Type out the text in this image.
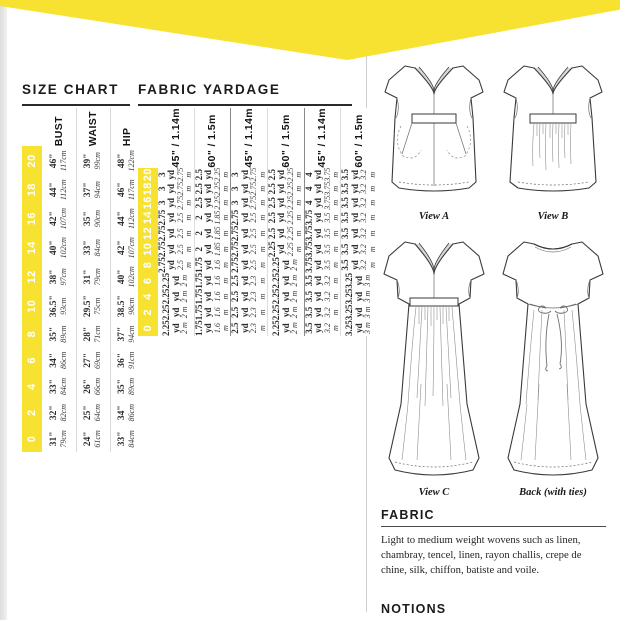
SIZE CHART FABRIC YARDAGE
0	2	4	6	8	10	12	14	16	18	20	

31" 79cm	32" 82cm	33" 84cm	34" 86cm	35" 89cm	36.5" 93cm	38" 97cm	40" 102cm	42" 107cm	44" 112cm	46" 117cm	BUST

24" 61cm	25" 64cm	26" 66cm	27" 69cm	28" 71cm	29.5" 75cm	31" 79cm	33" 84cm	35" 90cm	37" 94cm	39" 99cm	WAIST

33" 84cm	34" 86cm	35" 89cm	36" 91cm	37" 94cm	38.5" 98cm	40" 102cm	42" 107cm	44" 112cm	46" 117cm	48" 122cm	HIP
0	2	4	6	8	10	12	14	16	18	20	

2.25 yd 2 m	2.25 yd 2 m	2.25 yd 2 m	2.25 yd 2 m	2.75 yd 2.5 m	2.75 yd 2.5 m	2.75 yd 2.5 m	2.75 yd 2.5 m	3 yd 2.75 m	3 yd 2.75 m	3 yd 2.75 m	45" / 1.14m

1.75 yd 1.6 m	1.75 yd 1.6 m	1.75 yd 1.6 m	1.75 yd 1.6 m	1.75 yd 1.6 m	2 yd 1.85 m	2 yd 1.85 m	2 yd 1.85 m	2.5 yd 2.25 m	2.5 yd 2.25 m	2.5 yd 2.25 m	60" / 1.5m

2.5 yd 2.3 m	2.5 yd 2.3 m	2.5 yd 2.3 m	2.5 yd 2.3 m	2.75 yd 2.5 m	2.75 yd 2.5 m	2.75 yd 2.5 m	2.75 yd 2.5 m	3 yd 2.75 m	3 yd 2.75 m	3 yd 2.75 m	45" / 1.14m

2.25 yd 2 m	2.25 yd 2 m	2.25 yd 2 m	2.25 yd 2 m	2.25 yd 2 m	2.25 yd 2.25 m	2.5 yd 2.25 m	2.5 yd 2.25 m	2.5 yd 2.25 m	2.5 yd 2.25 m	2.5 yd 2.25 m	60" / 1.5m

3.5 yd 3.2 m	3.5 yd 3.2 m	3.5 yd 3.2 m	3.5 yd 3.2 m	3.75 yd 3.5 m	3.75 yd 3.5 m	3.75 yd 3.5 m	3.75 yd 3.5 m	4 yd 3.75 m	4 yd 3.75 m	4 yd 3.75 m	45" / 1.14m

3.25 yd 3 m	3.25 yd 3 m	3.25 yd 3 m	3.25 yd 3 m	3.5 yd 3.2 m	3.5 yd 3.2 m	3.5 yd 3.2 m	3.5 yd 3.2 m	3.5 yd 3.2 m	3.5 yd 3.2 m	3.5 yd 3.2 m	60" / 1.5m
View A	View B
View C	Back (with ties)
FABRIC
Light to medium weight wovens such as linen, chambray, tencel, linen, rayon challis, crepe de chine, silk, chiffon, batiste and voile.
NOTIONS
